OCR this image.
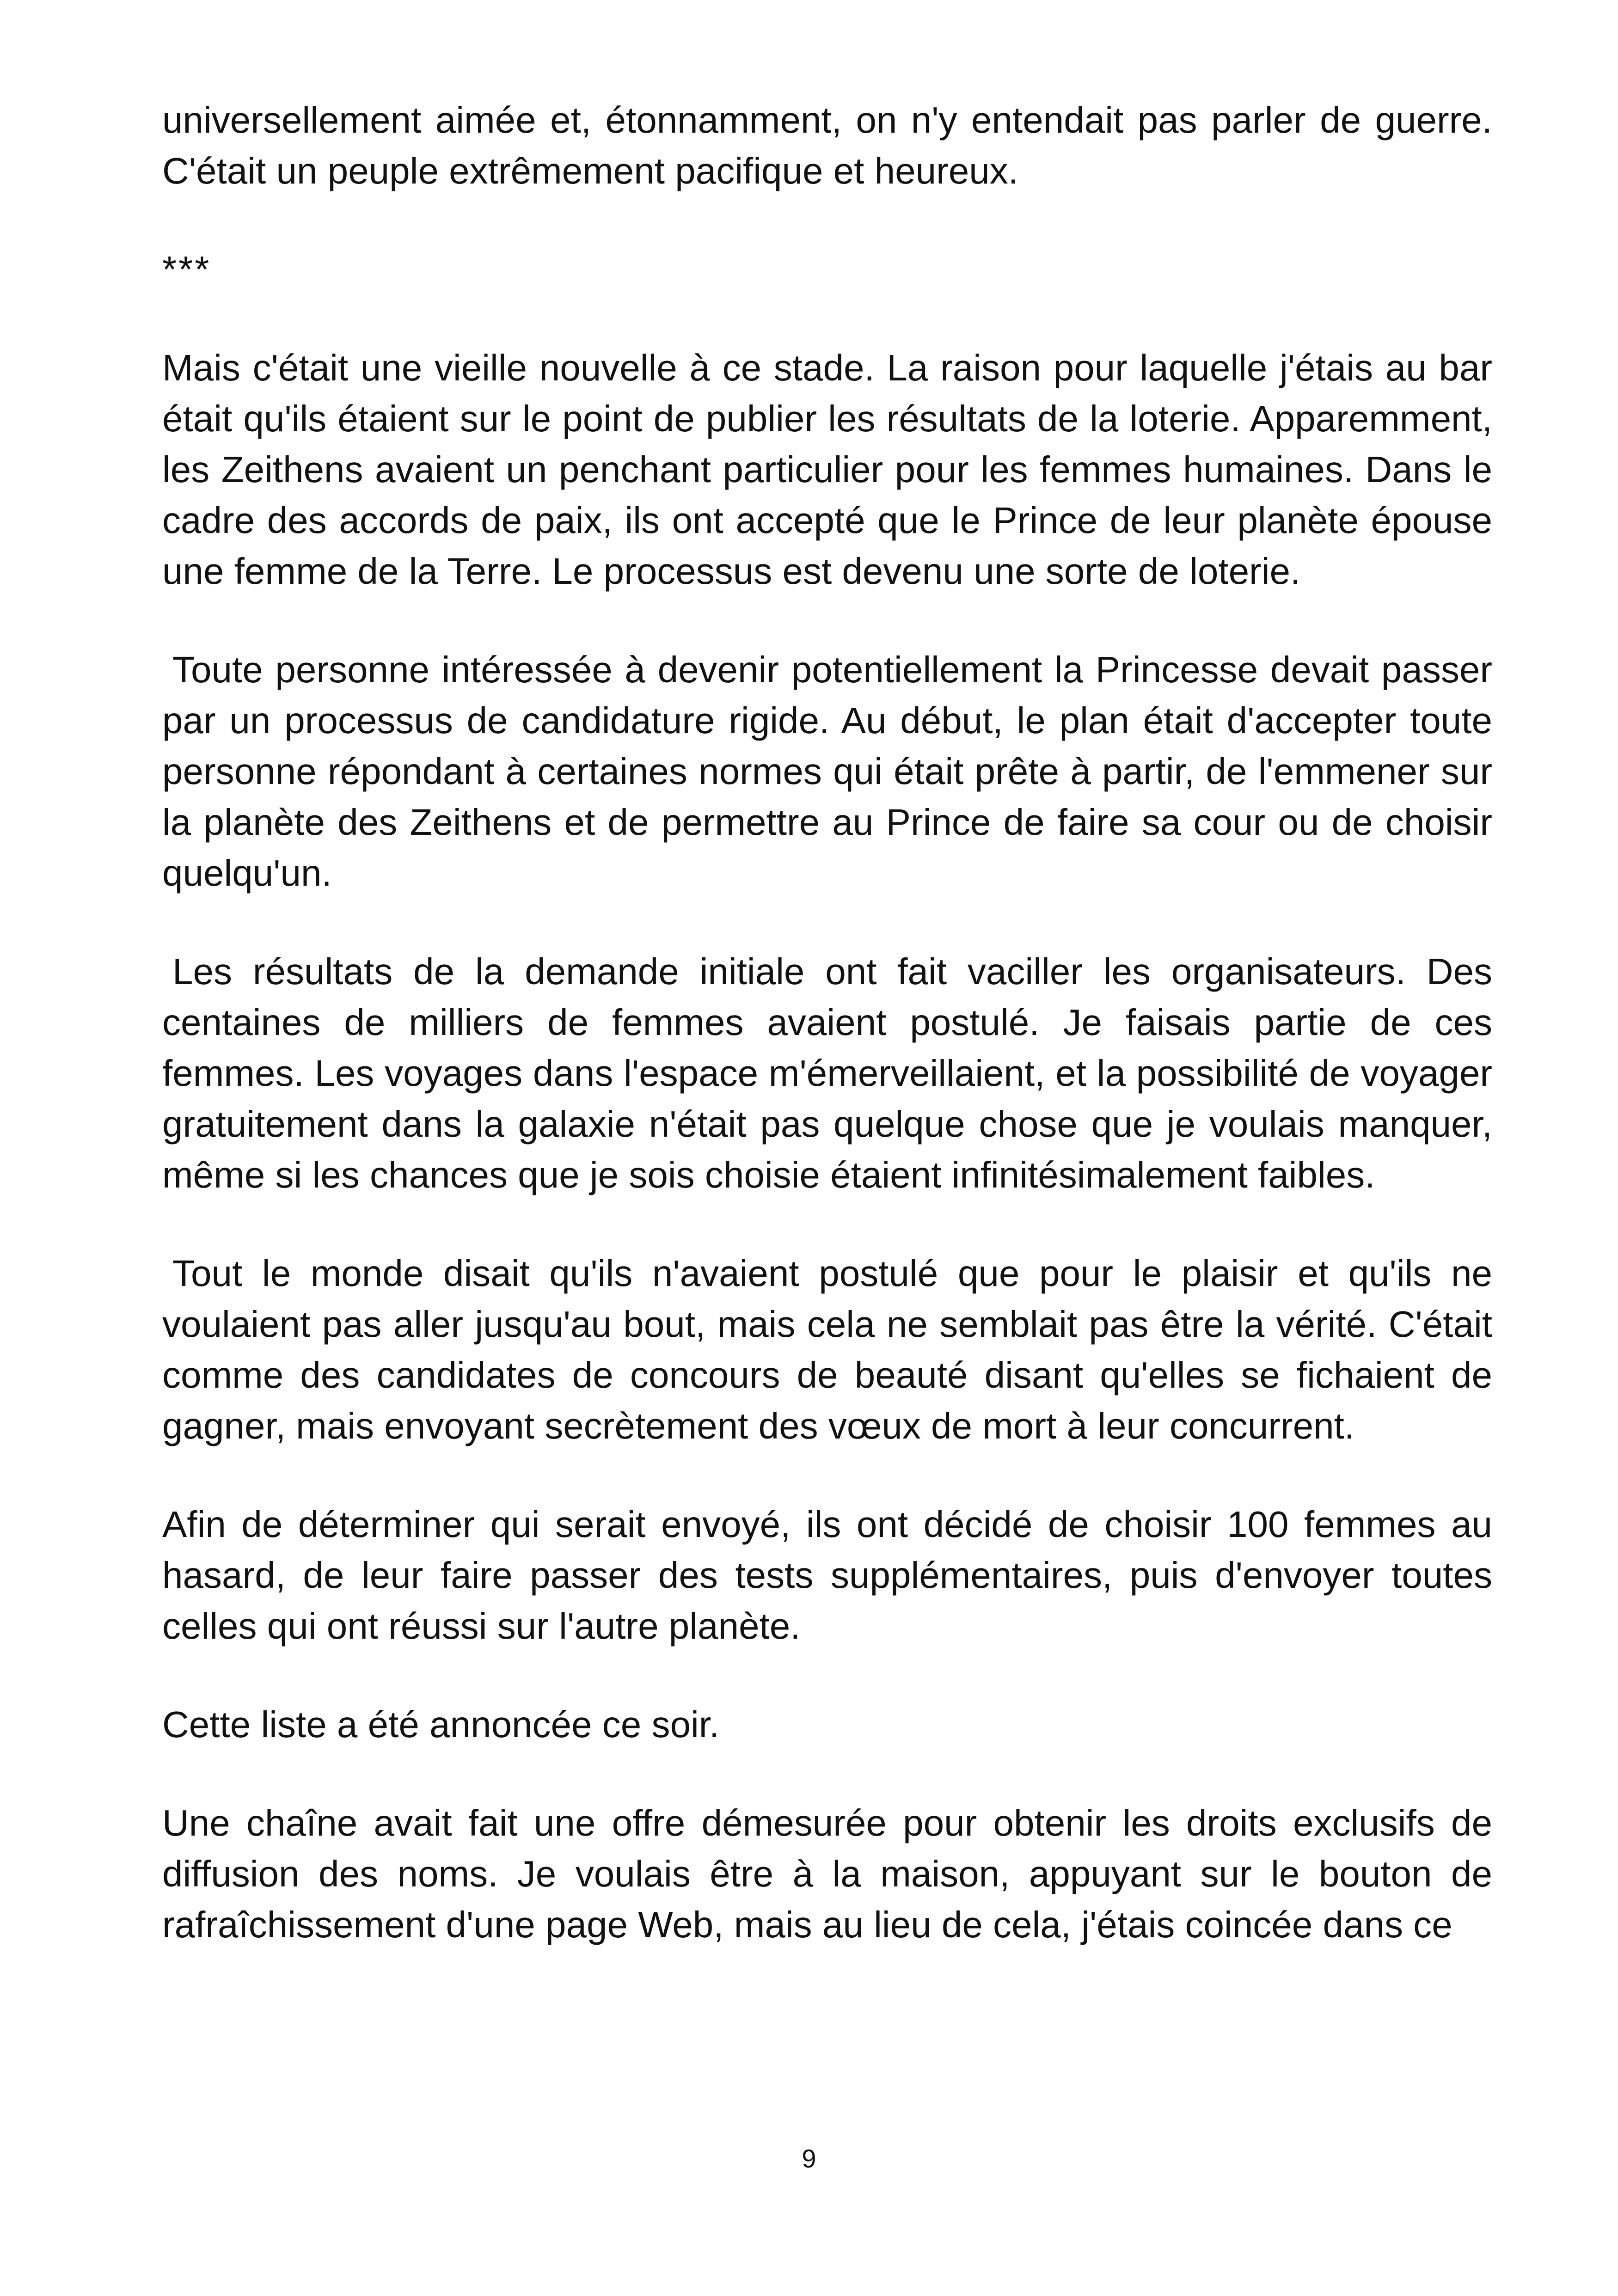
universellement aimée et, étonnamment, on n'y entendait pas parler de guerre. C'était un peuple extrêmement pacifique et heureux.

***

Mais c'était une vieille nouvelle à ce stade. La raison pour laquelle j'étais au bar était qu'ils étaient sur le point de publier les résultats de la loterie. Apparemment, les Zeithens avaient un penchant particulier pour les femmes humaines. Dans le cadre des accords de paix, ils ont accepté que le Prince de leur planète épouse une femme de la Terre. Le processus est devenu une sorte de loterie.

Toute personne intéressée à devenir potentiellement la Princesse devait passer par un processus de candidature rigide. Au début, le plan était d'accepter toute personne répondant à certaines normes qui était prête à partir, de l'emmener sur la planète des Zeithens et de permettre au Prince de faire sa cour ou de choisir quelqu'un.

Les résultats de la demande initiale ont fait vaciller les organisateurs. Des centaines de milliers de femmes avaient postulé. Je faisais partie de ces femmes. Les voyages dans l'espace m'émerveillaient, et la possibilité de voyager gratuitement dans la galaxie n'était pas quelque chose que je voulais manquer, même si les chances que je sois choisie étaient infinitésimalement faibles.

Tout le monde disait qu'ils n'avaient postulé que pour le plaisir et qu'ils ne voulaient pas aller jusqu'au bout, mais cela ne semblait pas être la vérité. C'était comme des candidates de concours de beauté disant qu'elles se fichaient de gagner, mais envoyant secrètement des vœux de mort à leur concurrent.

Afin de déterminer qui serait envoyé, ils ont décidé de choisir 100 femmes au hasard, de leur faire passer des tests supplémentaires, puis d'envoyer toutes celles qui ont réussi sur l'autre planète.

Cette liste a été annoncée ce soir.

Une chaîne avait fait une offre démesurée pour obtenir les droits exclusifs de diffusion des noms. Je voulais être à la maison, appuyant sur le bouton de rafraîchissement d'une page Web, mais au lieu de cela, j'étais coincée dans ce

9
